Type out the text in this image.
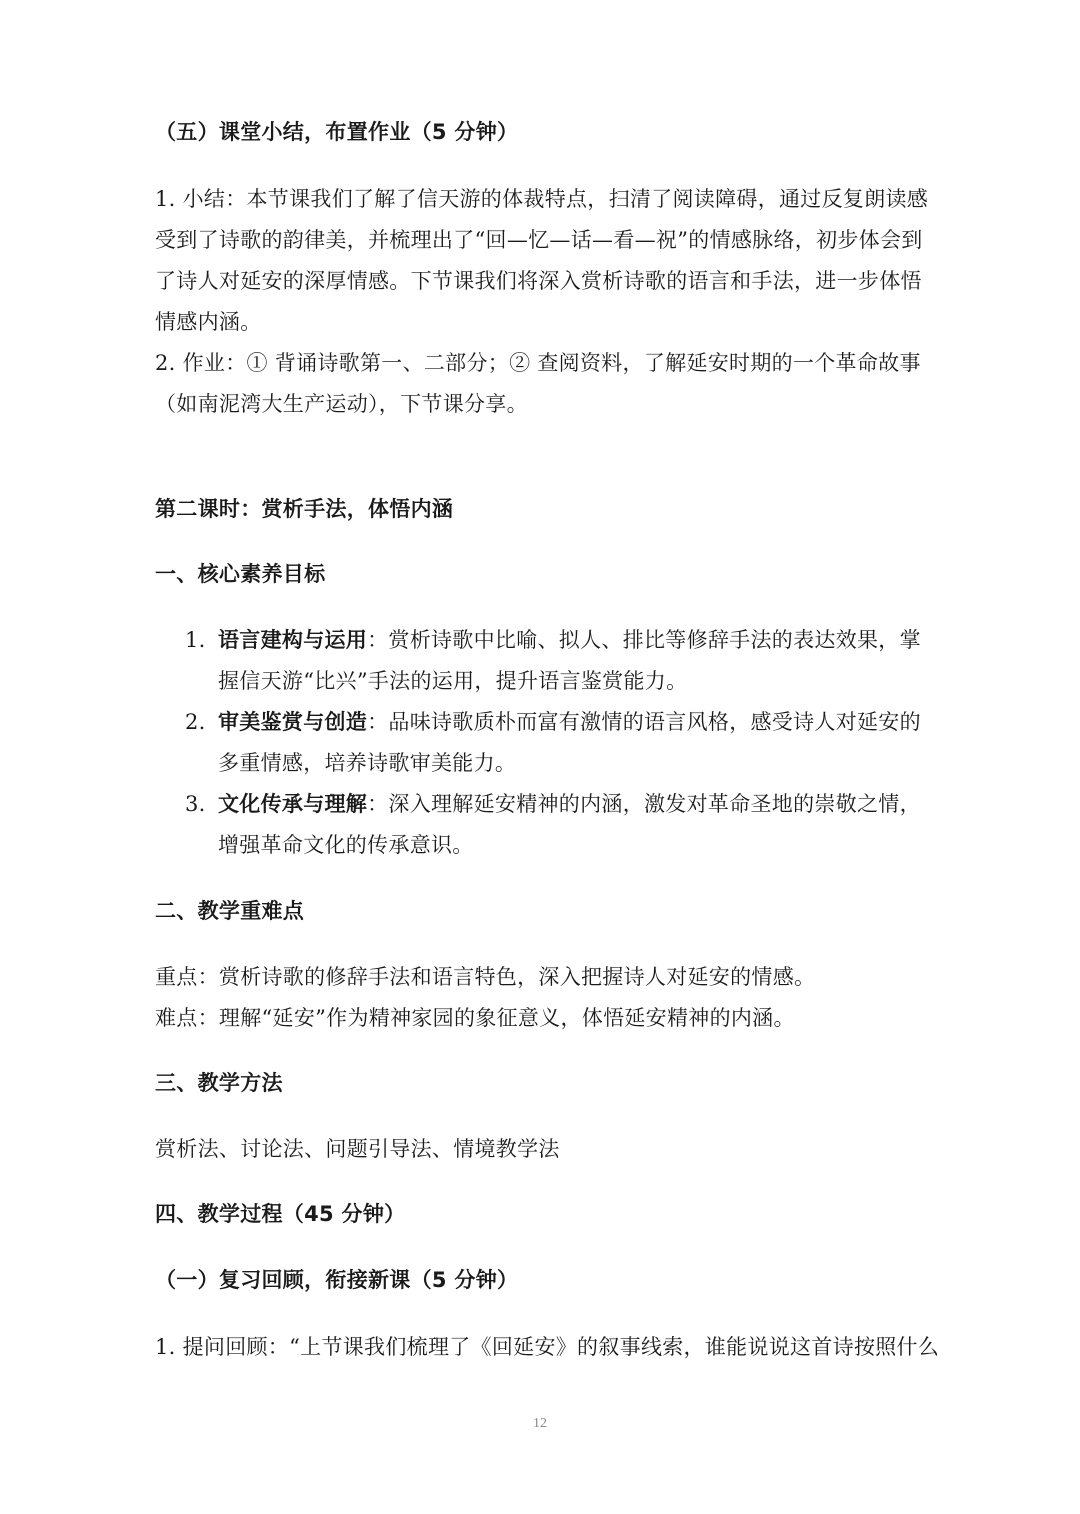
（五）课堂小结，布置作业（5 分钟）
1. 小结：本节课我们了解了信天游的体裁特点，扫清了阅读障碍，通过反复朗读感
受到了诗歌的韵律美，并梳理出了“回—忆—话—看—祝”的情感脉络，初步体会到
了诗人对延安的深厚情感。下节课我们将深入赏析诗歌的语言和手法，进一步体悟
情感内涵。
2. 作业：① 背诵诗歌第一、二部分；② 查阅资料，了解延安时期的一个革命故事
（如南泥湾大生产运动），下节课分享。
第二课时：赏析手法，体悟内涵
一、核心素养目标
1. 语言建构与运用：赏析诗歌中比喻、拟人、排比等修辞手法的表达效果，掌
握信天游“比兴”手法的运用，提升语言鉴赏能力。
2. 审美鉴赏与创造：品味诗歌质朴而富有激情的语言风格，感受诗人对延安的
多重情感，培养诗歌审美能力。
3. 文化传承与理解：深入理解延安精神的内涵，激发对革命圣地的崇敬之情，
增强革命文化的传承意识。
二、教学重难点
重点：赏析诗歌的修辞手法和语言特色，深入把握诗人对延安的情感。
难点：理解“延安”作为精神家园的象征意义，体悟延安精神的内涵。
三、教学方法
赏析法、讨论法、问题引导法、情境教学法
四、教学过程（45 分钟）
（一）复习回顾，衔接新课（5 分钟）
1. 提问回顾：“上节课我们梳理了《回延安》的叙事线索，谁能说说这首诗按照什么
12
